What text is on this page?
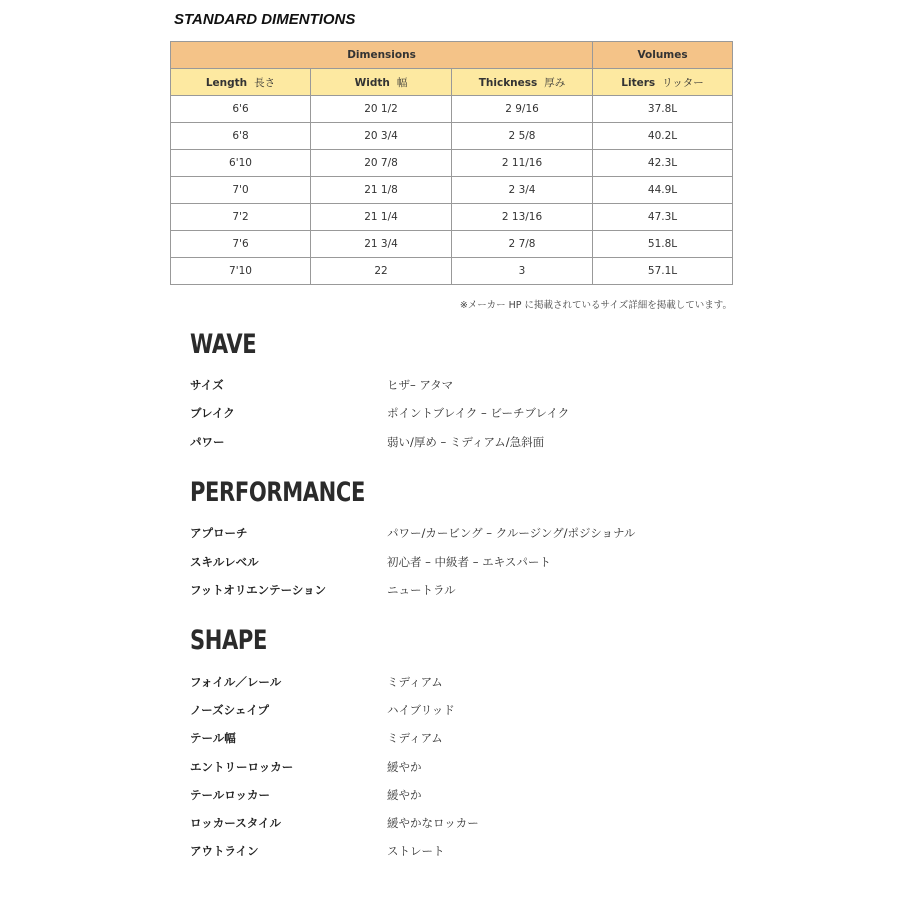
STANDARD DIMENTIONS
Dimensions			Volumes
Length 長さ	Width 幅	Thickness 厚み	Liters リッター
6'6	20 1/2	2 9/16	37.8L
6'8	20 3/4	2 5/8	40.2L
6'10	20 7/8	2 11/16	42.3L
7'0	21 1/8	2 3/4	44.9L
7'2	21 1/4	2 13/16	47.3L
7'6	21 3/4	2 7/8	51.8L
7'10	22	3	57.1L
※メーカー HP に掲載されているサイズ詳細を掲載しています。
WAVE
サイズ	ヒザ– アタマ
ブレイク	ポイントブレイク – ビーチブレイク
パワー	弱い/厚め – ミディアム/急斜面
PERFORMANCE
アプローチ	パワー/カービング – クルージング/ポジショナル
スキルレベル	初心者 – 中級者 – エキスパート
フットオリエンテーション	ニュートラル
SHAPE
フォイル／レール	ミディアム
ノーズシェイプ	ハイブリッド
テール幅	ミディアム
エントリーロッカー	緩やか
テールロッカー	緩やか
ロッカースタイル	緩やかなロッカー
アウトライン	ストレート
